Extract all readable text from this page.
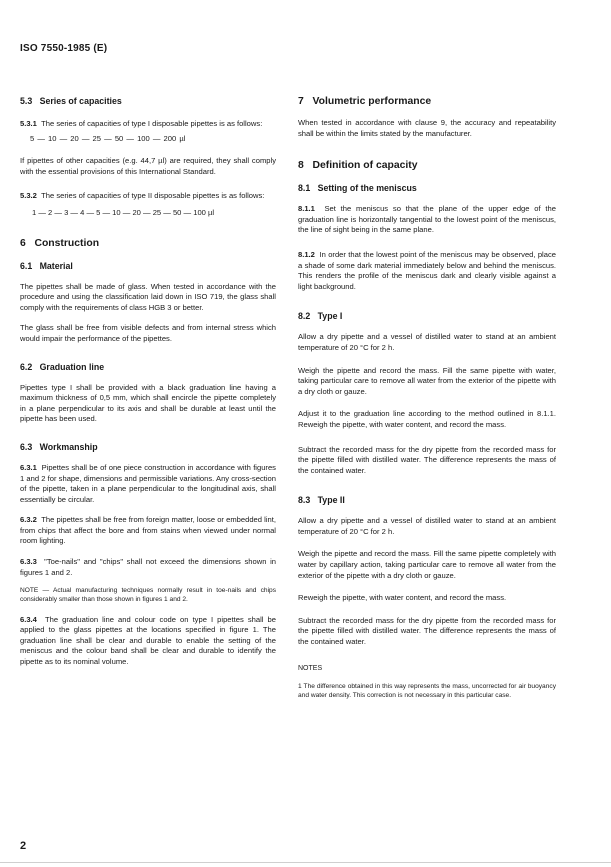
ISO 7550-1985 (E)
5.3 Series of capacities

5.3.1 The series of capacities of type I disposable pipettes is as follows:

5 — 10 — 20 — 25 — 50 — 100 — 200 µl

If pipettes of other capacities (e.g. 44,7 µl) are required, they shall comply with the essential provisions of this International Standard.

5.3.2 The series of capacities of type II disposable pipettes is as follows:

1 — 2 — 3 — 4 — 5 — 10 — 20 — 25 — 50 — 100 µl

6 Construction
6.1 Material

The pipettes shall be made of glass. When tested in accordance with the procedure and using the classification laid down in ISO 719, the glass shall comply with the requirements of class HGB 3 or better.

The glass shall be free from visible defects and from internal stress which would impair the performance of the pipettes.

6.2 Graduation line

Pipettes type I shall be provided with a black graduation line having a maximum thickness of 0,5 mm, which shall encircle the pipette completely in a plane perpendicular to its axis and shall be durable at least until the pipette has been used.

6.3 Workmanship

6.3.1 Pipettes shall be of one piece construction in accordance with figures 1 and 2 for shape, dimensions and permissible variations. Any cross-section of the pipette, taken in a plane perpendicular to the longitudinal axis, shall essentially be circular.

6.3.2 The pipettes shall be free from foreign matter, loose or embedded lint, from chips that affect the bore and from stains when viewed under normal room lighting.

6.3.3 "Toe-nails" and "chips" shall not exceed the dimensions shown in figures 1 and 2.

NOTE — Actual manufacturing techniques normally result in toe-nails and chips considerably smaller than those shown in figures 1 and 2.

6.3.4 The graduation line and colour code on type I pipettes shall be applied to the glass pipettes at the locations specified in figure 1. The graduation line shall be clear and durable to enable the setting of the meniscus and the colour band shall be clear and durable to identify the pipette as to its nominal volume.

7 Volumetric performance

When tested in accordance with clause 9, the accuracy and repeatability shall be within the limits stated by the manufacturer.

8 Definition of capacity
8.1 Setting of the meniscus

8.1.1 Set the meniscus so that the plane of the upper edge of the graduation line is horizontally tangential to the lowest point of the meniscus, the line of sight being in the same plane.

8.1.2 In order that the lowest point of the meniscus may be observed, place a shade of some dark material immediately below and behind the meniscus. This renders the profile of the meniscus dark and clearly visible against a light background.

8.2 Type I

Allow a dry pipette and a vessel of distilled water to stand at an ambient temperature of 20 °C for 2 h.

Weigh the pipette and record the mass. Fill the same pipette with water, taking particular care to remove all water from the exterior of the pipette with a dry cloth or gauze.

Adjust it to the graduation line according to the method outlined in 8.1.1. Reweigh the pipette, with water content, and record the mass.

Subtract the recorded mass for the dry pipette from the recorded mass for the pipette filled with distilled water. The difference represents the mass of the contained water.

8.3 Type II

Allow a dry pipette and a vessel of distilled water to stand at an ambient temperature of 20 °C for 2 h.

Weigh the pipette and record the mass. Fill the same pipette completely with water by capillary action, taking particular care to remove all water from the exterior of the pipette with a dry cloth or gauze.

Reweigh the pipette, with water content, and record the mass.

Subtract the recorded mass for the dry pipette from the recorded mass for the pipette filled with distilled water. The difference represents the mass of the contained water.

NOTES

1 The difference obtained in this way represents the mass, uncorrected for air buoyancy and water density. This correction is not necessary in this particular case.

2
